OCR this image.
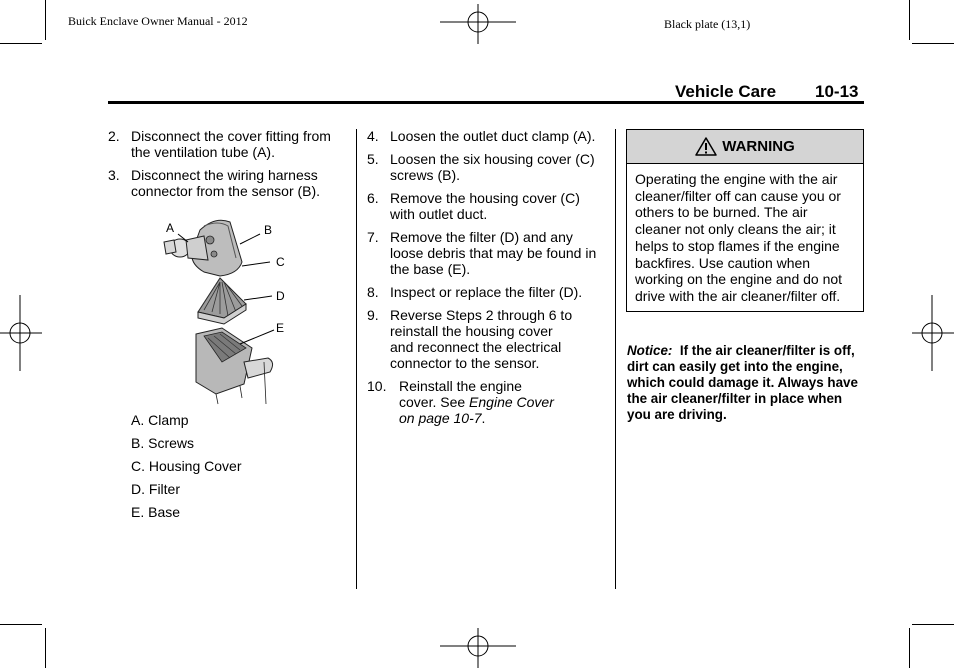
Buick Enclave Owner Manual - 2012	Black plate (13,1)
Vehicle Care 10-13
2. Disconnect the cover fitting from the ventilation tube (A).
3. Disconnect the wiring harness connector from the sensor (B).
A	B
C
D
E
A. Clamp
B. Screws
C. Housing Cover
D. Filter
E. Base
4. Loosen the outlet duct clamp (A).
5. Loosen the six housing cover (C) screws (B).
6. Remove the housing cover (C) with outlet duct.
7. Remove the filter (D) and any loose debris that may be found in the base (E).
8. Inspect or replace the filter (D).
9. Reverse Steps 2 through 6 to reinstall the housing cover and reconnect the electrical connector to the sensor.
10. Reinstall the engine cover. See Engine Cover on page 10-7.
WARNING
Operating the engine with the air cleaner/filter off can cause you or others to be burned. The air cleaner not only cleans the air; it helps to stop flames if the engine backfires. Use caution when working on the engine and do not drive with the air cleaner/filter off.
Notice: If the air cleaner/filter is off, dirt can easily get into the engine, which could damage it. Always have the air cleaner/filter in place when you are driving.
